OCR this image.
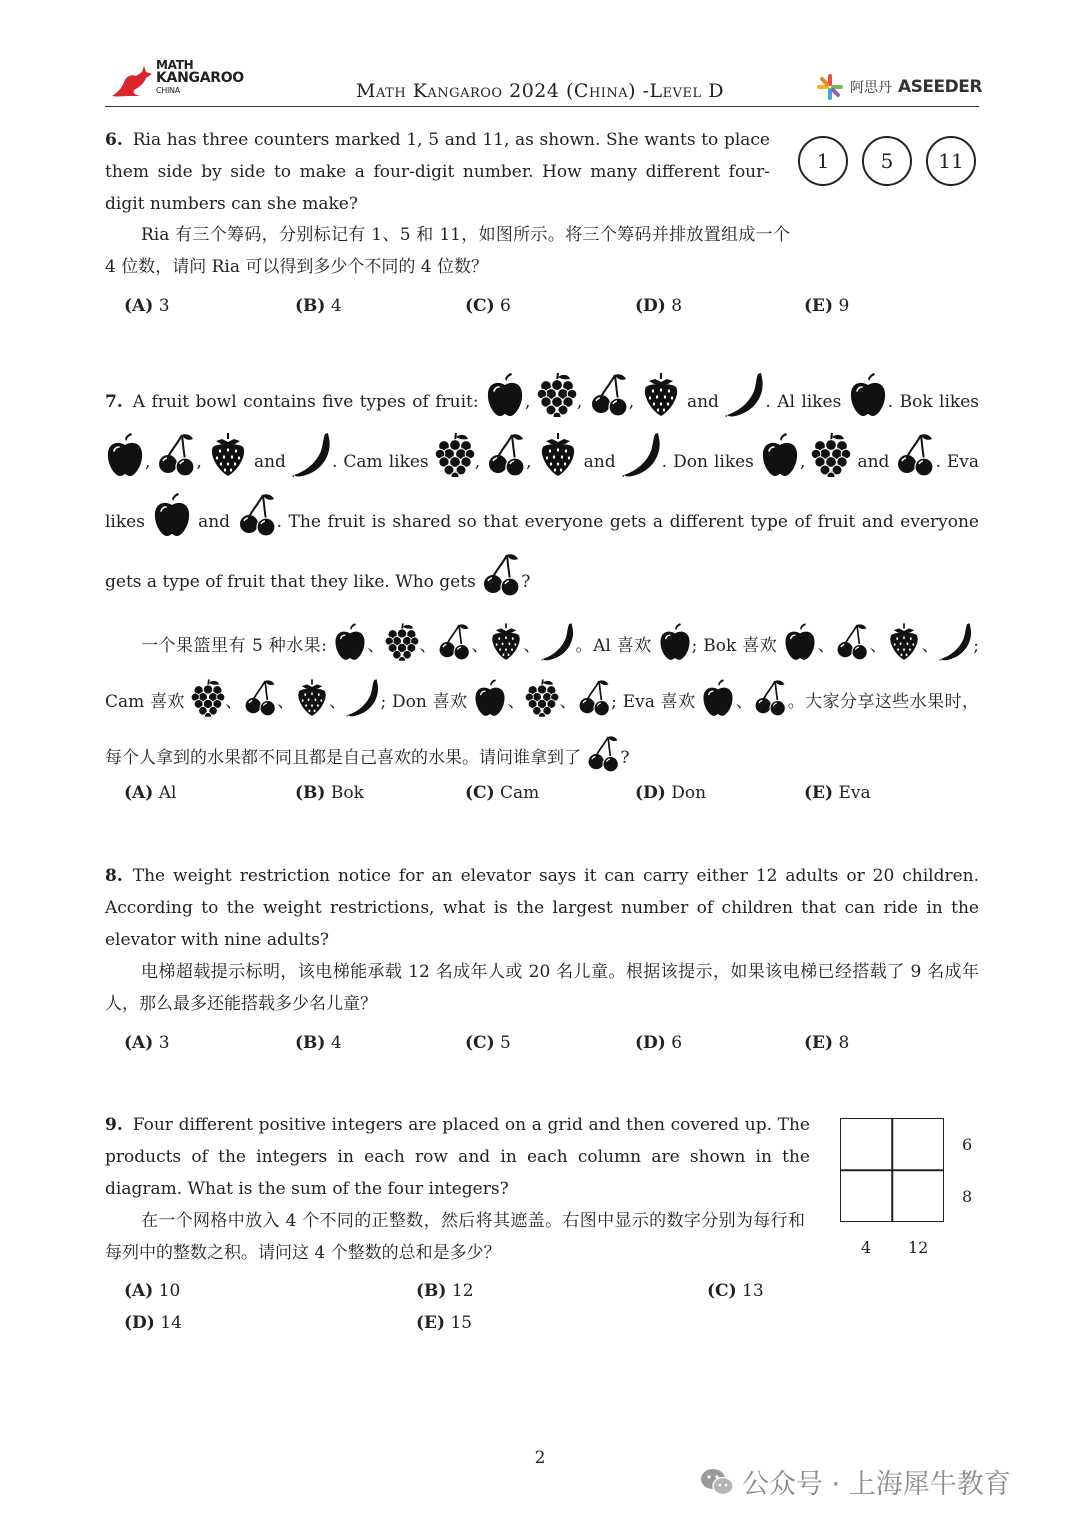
MATH
KANGAROO
CHINA	Math Kangaroo 2024 (China) -Level D	阿思丹 ASEEDER

6. Ria has three counters marked 1, 5 and 11, as shown. She wants to place them side by side to make a four-digit number. How many different four-digit numbers can she make?

Ria 有三个筹码，分别标记有 1、5 和 11，如图所示。将三个筹码并排放置组成一个 4 位数，请问 Ria 可以得到多少个不同的 4 位数？

1	5 11
(A) 3	(B) 4	(C) 6	(D) 8	(E) 9

7. A fruit bowl contains five types of fruit:
,
,
,
and
. Al likes
. Bok likes
,
,
and
. Cam likes
,
,
and
. Don likes
,
and
. Eva likes
and
. The fruit is shared so that everyone gets a different type of fruit and everyone gets a type of fruit that they like. Who gets
?

一个果篮里有 5 种水果:
、 、 、 、 。Al 喜欢
; Bok 喜欢
、 、 、 ; Cam 喜欢
、 、 、 ; Don 喜欢
、 、 ; Eva 喜欢
、 。大家分享这些水果时，每个人拿到的水果都不同且都是自己喜欢的水果。请问谁拿到了
?

(A) Al	(B) Bok	(C) Cam	(D) Don	(E) Eva

8. The weight restriction notice for an elevator says it can carry either 12 adults or 20 children. According to the weight restrictions, what is the largest number of children that can ride in the elevator with nine adults?

电梯超载提示标明，该电梯能承载 12 名成年人或 20 名儿童。根据该提示，如果该电梯已经搭载了 9 名成年人，那么最多还能搭载多少名儿童？

(A) 3	(B) 4	(C) 5	(D) 6	(E) 8

9. Four different positive integers are placed on a grid and then covered up. The products of the integers in each row and in each column are shown in the diagram. What is the sum of the four integers?

在一个网格中放入 4 个不同的正整数，然后将其遮盖。右图中显示的数字分别为每行和每列中的整数之积。请问这 4 个整数的总和是多少？

6
8
4 12
(A) 10	(B) 12	(C) 13
(D) 14	(E) 15
2
公众号 · 上海犀牛教育
